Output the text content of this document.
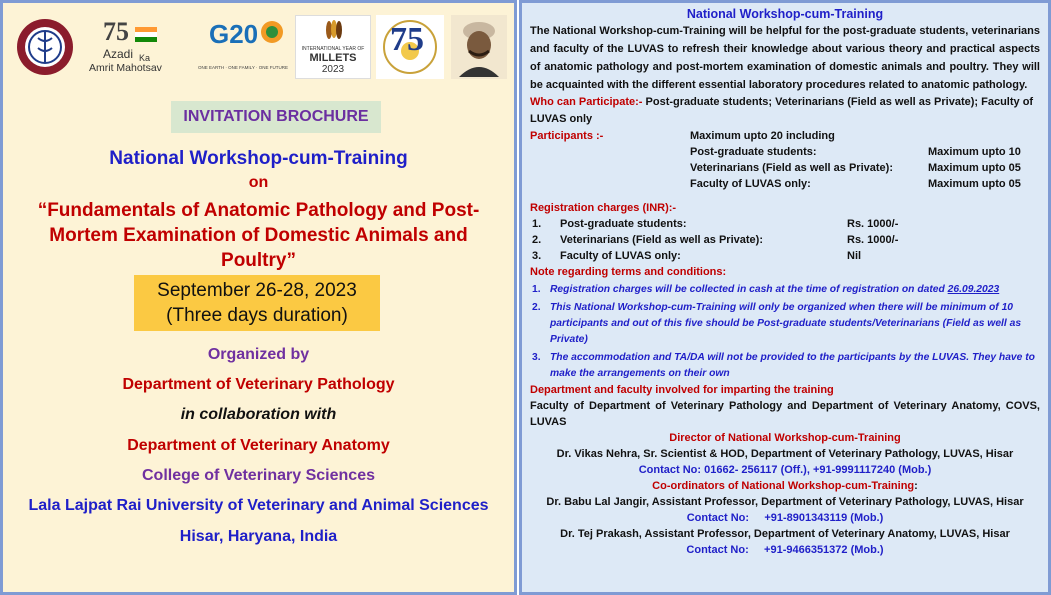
75
Azadi Ka
Amrit Mahotsav
G20
ONE EARTH · ONE FAMILY · ONE FUTURE
INTERNATIONAL YEAR OF
MILLETS
2023
75
INVITATION BROCHURE
National Workshop-cum-Training
on
“Fundamentals of Anatomic Pathology and Post-Mortem Examination of Domestic Animals and Poultry”
September 26-28, 2023
(Three days duration)
Organized by
Department of Veterinary Pathology
in collaboration with
Department of Veterinary Anatomy
College of Veterinary Sciences
Lala Lajpat Rai University of Veterinary and Animal Sciences
Hisar, Haryana, India
National Workshop-cum-Training

The National Workshop-cum-Training will be helpful for the post-graduate students, veterinarians and faculty of the LUVAS to refresh their knowledge about various theory and practical aspects of anatomic pathology and post-mortem examination of domestic animals and poultry. They will be acquainted with the different essential laboratory procedures related to anatomic pathology.

Who can Participate:- Post-graduate students; Veterinarians (Field as well as Private); Faculty of LUVAS only
Participants :-	Maximum upto 20 including
Post-graduate students:	Maximum upto 10
Veterinarians (Field as well as Private):	Maximum upto 05
Faculty of LUVAS only:	Maximum upto 05
Registration charges (INR):-
1. Post-graduate students:	Rs. 1000/-
2. Veterinarians (Field as well as Private):	Rs. 1000/-
3. Faculty of LUVAS only:	Nil
Note regarding terms and conditions:
1. Registration charges will be collected in cash at the time of registration on dated 26.09.2023
2. This National Workshop-cum-Training will only be organized when there will be minimum of 10 participants and out of this five should be Post-graduate students/Veterinarians (Field as well as Private)
3. The accommodation and TA/DA will not be provided to the participants by the LUVAS. They have to make the arrangements on their own
Department and faculty involved for imparting the training
Faculty of Department of Veterinary Pathology and Department of Veterinary Anatomy, COVS, LUVAS
Director of National Workshop-cum-Training
Dr. Vikas Nehra, Sr. Scientist & HOD, Department of Veterinary Pathology, LUVAS, Hisar
Contact No: 01662- 256117 (Off.), +91-9991117240 (Mob.)
Co-ordinators of National Workshop-cum-Training:
Dr. Babu Lal Jangir, Assistant Professor, Department of Veterinary Pathology, LUVAS, Hisar
Contact No: +91-8901343119 (Mob.)
Dr. Tej Prakash, Assistant Professor, Department of Veterinary Anatomy, LUVAS, Hisar
Contact No: +91-9466351372 (Mob.)
